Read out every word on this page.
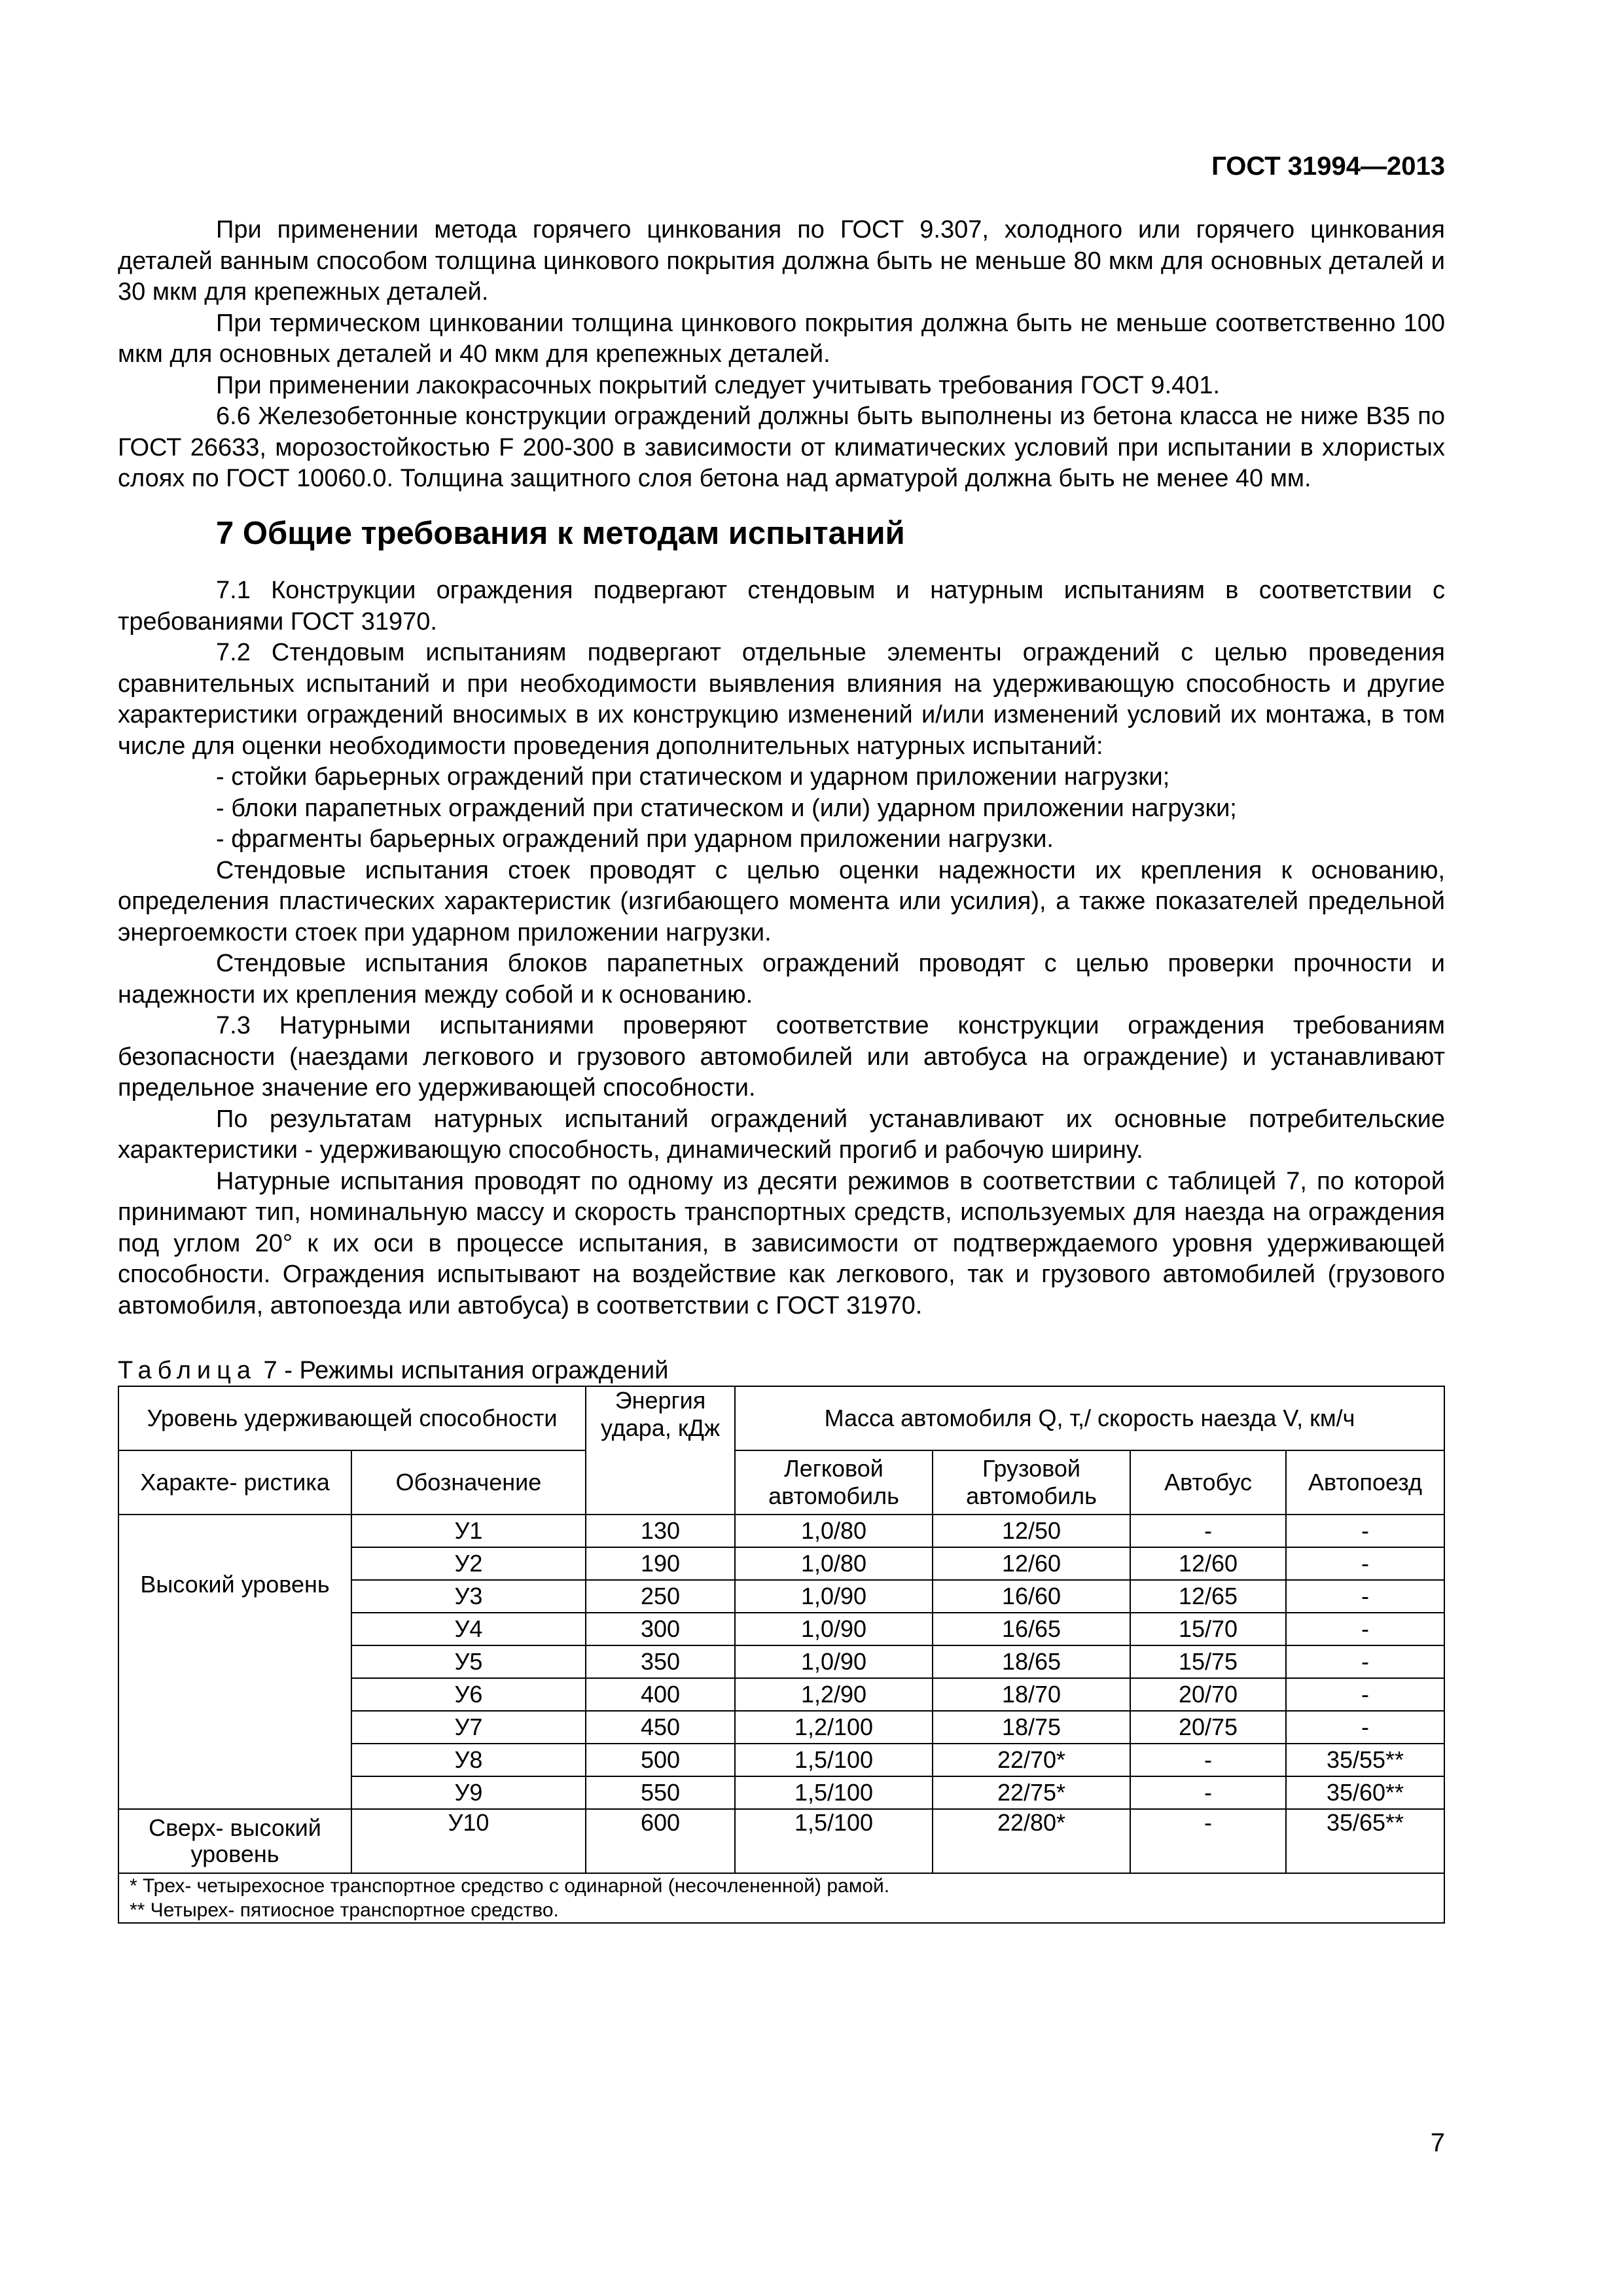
ГОСТ 31994—2013

При применении метода горячего цинкования по ГОСТ 9.307, холодного или горячего цинкования деталей ванным способом толщина цинкового покрытия должна быть не меньше 80 мкм для основных деталей и 30 мкм для крепежных деталей.

При термическом цинковании толщина цинкового покрытия должна быть не меньше соответственно 100 мкм для основных деталей и 40 мкм для крепежных деталей.

При применении лакокрасочных покрытий следует учитывать требования ГОСТ 9.401.

6.6 Железобетонные конструкции ограждений должны быть выполнены из бетона класса не ниже В35 по ГОСТ 26633, морозостойкостью F 200-300 в зависимости от климатических условий при испытании в хлористых слоях по ГОСТ 10060.0. Толщина защитного слоя бетона над арматурой должна быть не менее 40 мм.

7 Общие требования к методам испытаний

7.1 Конструкции ограждения подвергают стендовым и натурным испытаниям в соответствии с требованиями ГОСТ 31970.

7.2 Стендовым испытаниям подвергают отдельные элементы ограждений с целью проведения сравнительных испытаний и при необходимости выявления влияния на удерживающую способность и другие характеристики ограждений вносимых в их конструкцию изменений и/или изменений условий их монтажа, в том числе для оценки необходимости проведения дополнительных натурных испытаний:

- стойки барьерных ограждений при статическом и ударном приложении нагрузки;

- блоки парапетных ограждений при статическом и (или) ударном приложении нагрузки;

- фрагменты барьерных ограждений при ударном приложении нагрузки.

Стендовые испытания стоек проводят с целью оценки надежности их крепления к основанию, определения пластических характеристик (изгибающего момента или усилия), а также показателей предельной энергоемкости стоек при ударном приложении нагрузки.

Стендовые испытания блоков парапетных ограждений проводят с целью проверки прочности и надежности их крепления между собой и к основанию.

7.3 Натурными испытаниями проверяют соответствие конструкции ограждения требованиям безопасности (наездами легкового и грузового автомобилей или автобуса на ограждение) и устанавливают предельное значение его удерживающей способности.

По результатам натурных испытаний ограждений устанавливают их основные потребительские характеристики - удерживающую способность, динамический прогиб и рабочую ширину.

Натурные испытания проводят по одному из десяти режимов в соответствии с таблицей 7, по которой принимают тип, номинальную массу и скорость транспортных средств, используемых для наезда на ограждения под углом 20° к их оси в процессе испытания, в зависимости от подтверждаемого уровня удерживающей способности. Ограждения испытывают на воздействие как легкового, так и грузового автомобилей (грузового автомобиля, автопоезда или автобуса) в соответствии с ГОСТ 31970.

Таблица 7 - Режимы испытания ограждений
Уровень удерживающей способности		Энергия удара, кДж	Масса автомобиля Q, т,/ скорость наезда V, км/ч			
Характе- ристика	Обозначение		Легковой автомобиль	Грузовой автомобиль	Автобус	Автопоезд
Высокий уровень	У1	130	1,0/80	12/50	-	-
	У2	190	1,0/80	12/60	12/60	-
	У3	250	1,0/90	16/60	12/65	-
	У4	300	1,0/90	16/65	15/70	-
	У5	350	1,0/90	18/65	15/75	-
	У6	400	1,2/90	18/70	20/70	-
	У7	450	1,2/100	18/75	20/75	-
	У8	500	1,5/100	22/70*	-	35/55**
	У9	550	1,5/100	22/75*	-	35/60**
Сверх- высокий уровень	У10	600	1,5/100	22/80*	-	35/65**

* Трех- четырехосное транспортное средство с одинарной (несочлененной) рамой.
** Четырех- пятиосное транспортное средство.						
7
